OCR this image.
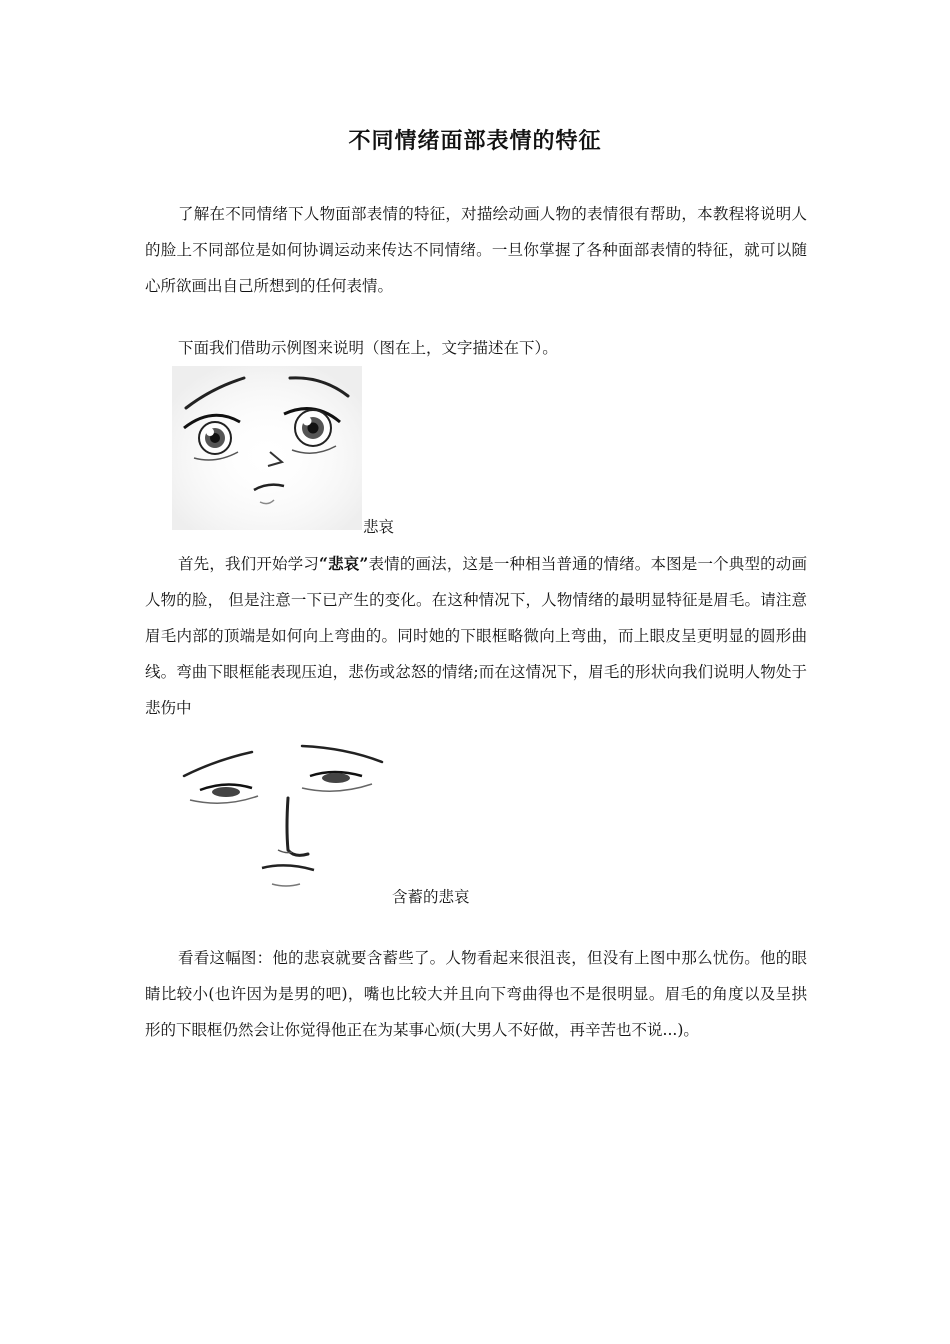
不同情绪面部表情的特征

了解在不同情绪下人物面部表情的特征，对描绘动画人物的表情很有帮助，本教程将说明人的脸上不同部位是如何协调运动来传达不同情绪。一旦你掌握了各种面部表情的特征，就可以随心所欲画出自己所想到的任何表情。

下面我们借助示例图来说明（图在上，文字描述在下）。

悲哀

首先，我们开始学习“悲哀”表情的画法，这是一种相当普通的情绪。本图是一个典型的动画人物的脸， 但是注意一下已产生的变化。在这种情况下，人物情绪的最明显特征是眉毛。请注意眉毛内部的顶端是如何向上弯曲的。同时她的下眼框略微向上弯曲，而上眼皮呈更明显的圆形曲线。弯曲下眼框能表现压迫，悲伤或忿怒的情绪;而在这情况下，眉毛的形状向我们说明人物处于悲伤中

含蓄的悲哀

看看这幅图：他的悲哀就要含蓄些了。人物看起来很沮丧，但没有上图中那么忧伤。他的眼睛比较小(也许因为是男的吧)，嘴也比较大并且向下弯曲得也不是很明显。眉毛的角度以及呈拱形的下眼框仍然会让你觉得他正在为某事心烦(大男人不好做，再辛苦也不说...)。
